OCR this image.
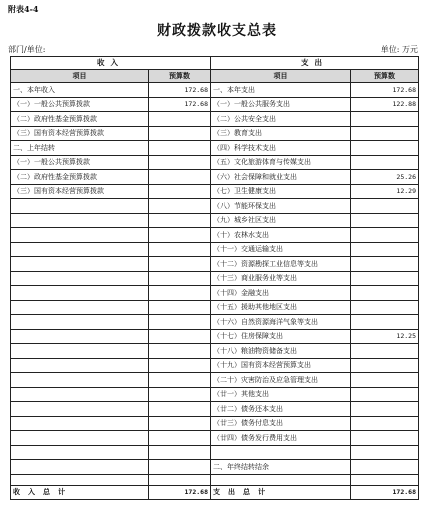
附表4-4
财政拨款收支总表
部门/单位:	单位: 万元
收入		支出	
项目	预算数	项目	预算数
一、本年收入	172.68	一、本年支出	172.68
（一）一般公共预算拨款	172.68	（一）一般公共服务支出	122.88
（二）政府性基金预算拨款		（二）公共安全支出	
（三）国有资本经营预算拨款		（三）教育支出	
二、上年结转		（四）科学技术支出	
（一）一般公共预算拨款		（五）文化旅游体育与传媒支出	
（二）政府性基金预算拨款		（六）社会保障和就业支出	25.26
（三）国有资本经营预算拨款		（七）卫生健康支出	12.29
		（八）节能环保支出	
		（九）城乡社区支出	
		（十）农林水支出	
		（十一）交通运输支出	
		（十二）资源勘探工业信息等支出	
		（十三）商业服务业等支出	
		（十四）金融支出	
		（十五）援助其他地区支出	
		（十六）自然资源海洋气象等支出	
		（十七）住房保障支出	12.25
		（十八）粮油物资储备支出	
		（十九）国有资本经营预算支出	
		（二十）灾害防治及应急管理支出	
		（廿一）其他支出	
		（廿二）债务还本支出	
		（廿三）债务付息支出	
		（廿四）债务发行费用支出	

		二、年终结转结余	

收入总计	172.68	支出总计	172.68
